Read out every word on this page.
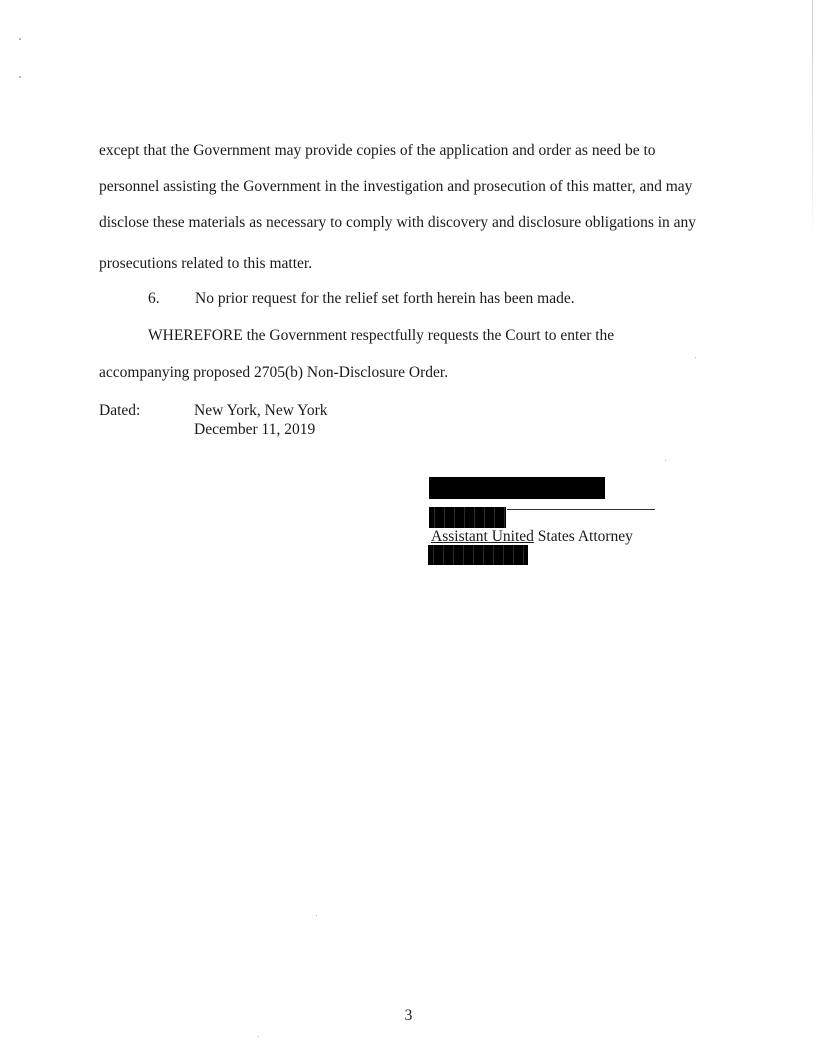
except that the Government may provide copies of the application and order as need be to
personnel assisting the Government in the investigation and prosecution of this matter, and may
disclose these materials as necessary to comply with discovery and disclosure obligations in any
prosecutions related to this matter.
6. No prior request for the relief set forth herein has been made.
WHEREFORE the Government respectfully requests the Court to enter the
accompanying proposed 2705(b) Non-Disclosure Order.
Dated:	New York, New York
December 11, 2019
Assistant United States Attorney
3
